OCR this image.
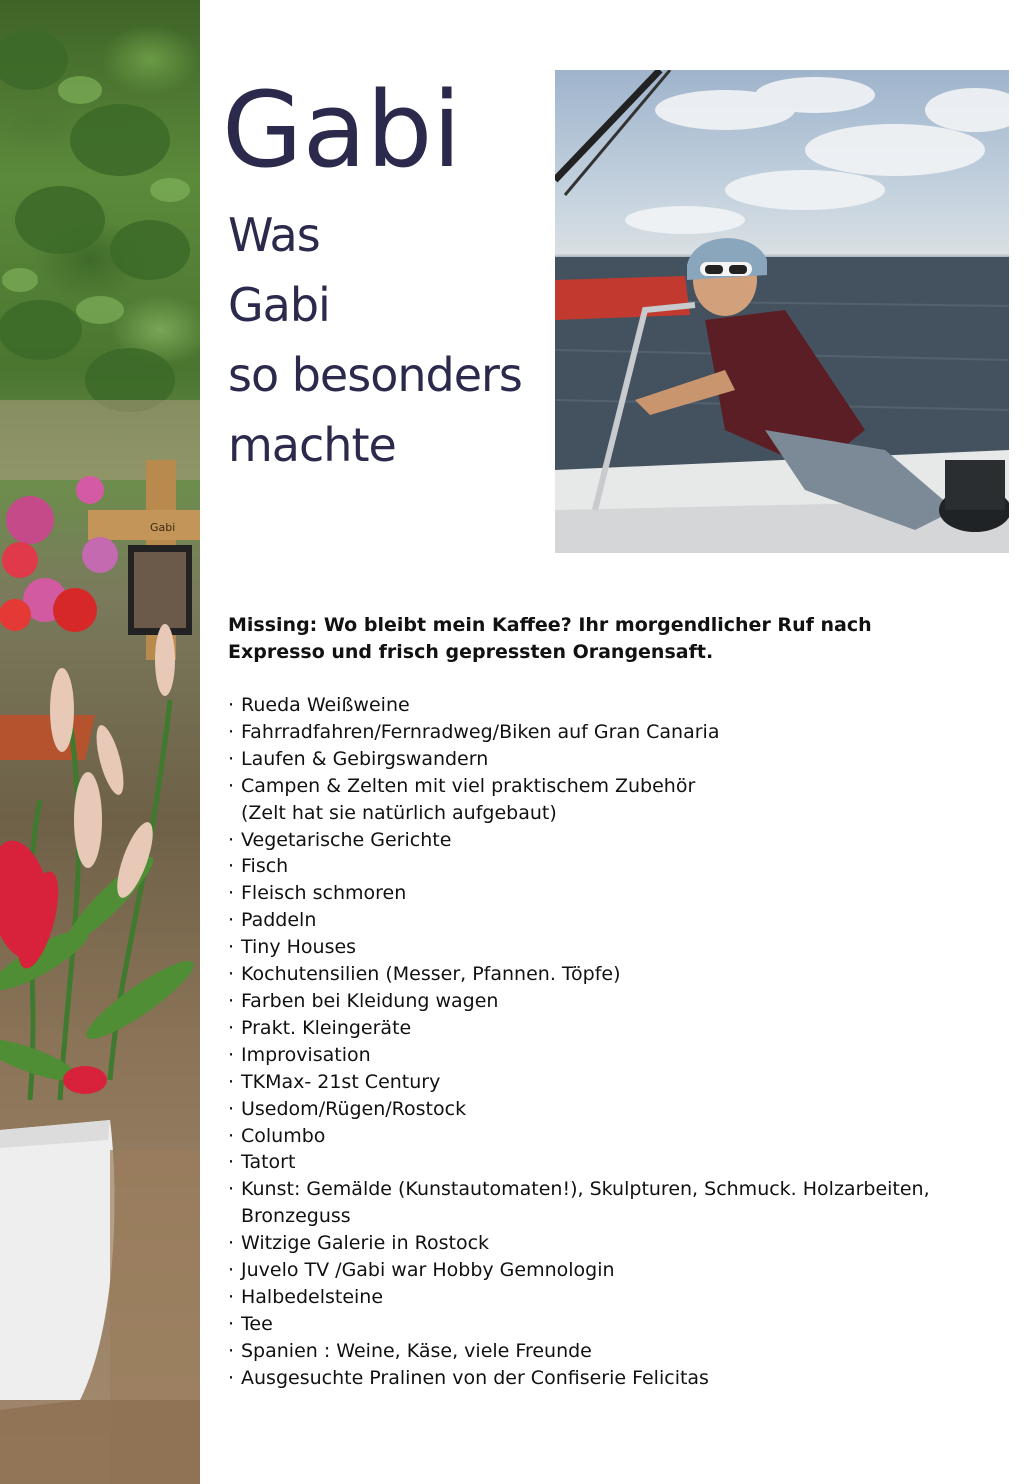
Gabi
Gabi
Was
Gabi
so besonders
machte

Missing: Wo bleibt mein Kaffee? Ihr morgendlicher Ruf nach Expresso und frisch gepressten Orangensaft.

· Rueda Weißweine
· Fahrradfahren/Fernradweg/Biken auf Gran Canaria
· Laufen & Gebirgswandern
· Campen & Zelten mit viel praktischem Zubehör (Zelt hat sie natürlich aufgebaut)
· Vegetarische Gerichte
· Fisch
· Fleisch schmoren
· Paddeln
· Tiny Houses
· Kochutensilien (Messer, Pfannen. Töpfe)
· Farben bei Kleidung wagen
· Prakt. Kleingeräte
· Improvisation
· TKMax- 21st Century
· Usedom/Rügen/Rostock
· Columbo
· Tatort
· Kunst: Gemälde (Kunstautomaten!), Skulpturen, Schmuck. Holzarbeiten, Bronzeguss
· Witzige Galerie in Rostock
· Juvelo TV /Gabi war Hobby Gemnologin
· Halbedelsteine
· Tee
· Spanien : Weine, Käse, viele Freunde
· Ausgesuchte Pralinen von der Confiserie Felicitas
